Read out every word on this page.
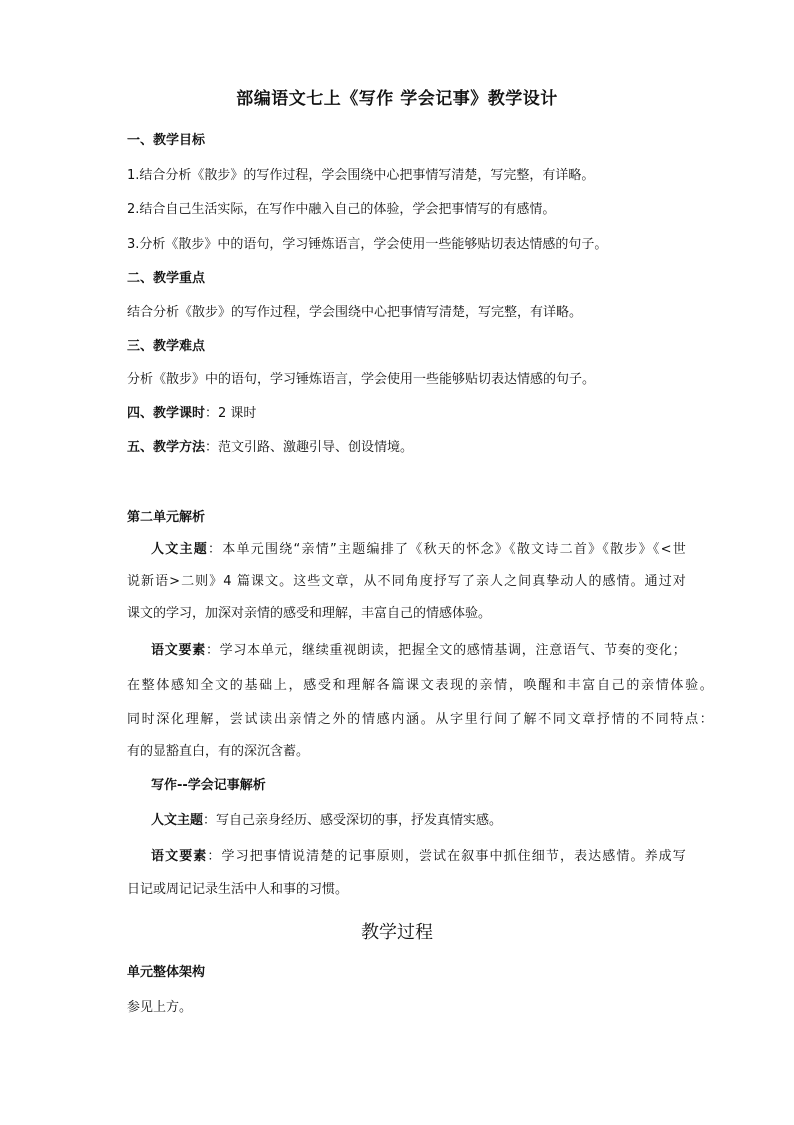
部编语文七上《写作 学会记事》教学设计
一、教学目标
1.结合分析《散步》的写作过程，学会围绕中心把事情写清楚，写完整，有详略。
2.结合自己生活实际，在写作中融入自己的体验，学会把事情写的有感情。
3.分析《散步》中的语句，学习锤炼语言，学会使用一些能够贴切表达情感的句子。
二、教学重点
结合分析《散步》的写作过程，学会围绕中心把事情写清楚，写完整，有详略。
三、教学难点
分析《散步》中的语句，学习锤炼语言，学会使用一些能够贴切表达情感的句子。
四、教学课时：2 课时
五、教学方法：范文引路、激趣引导、创设情境。
第二单元解析
人文主题：本单元围绕“亲情”主题编排了《秋天的怀念》《散文诗二首》《散步》《<世
说新语>二则》4 篇课文。这些文章，从不同角度抒写了亲人之间真挚动人的感情。通过对
课文的学习，加深对亲情的感受和理解，丰富自己的情感体验。
语文要素：学习本单元，继续重视朗读，把握全文的感情基调，注意语气、节奏的变化；
在整体感知全文的基础上，感受和理解各篇课文表现的亲情，唤醒和丰富自己的亲情体验。
同时深化理解，尝试读出亲情之外的情感内涵。从字里行间了解不同文章抒情的不同特点：
有的显豁直白，有的深沉含蓄。
写作--学会记事解析
人文主题：写自己亲身经历、感受深切的事，抒发真情实感。
语文要素：学习把事情说清楚的记事原则，尝试在叙事中抓住细节，表达感情。养成写
日记或周记记录生活中人和事的习惯。
教学过程
单元整体架构
参见上方。
